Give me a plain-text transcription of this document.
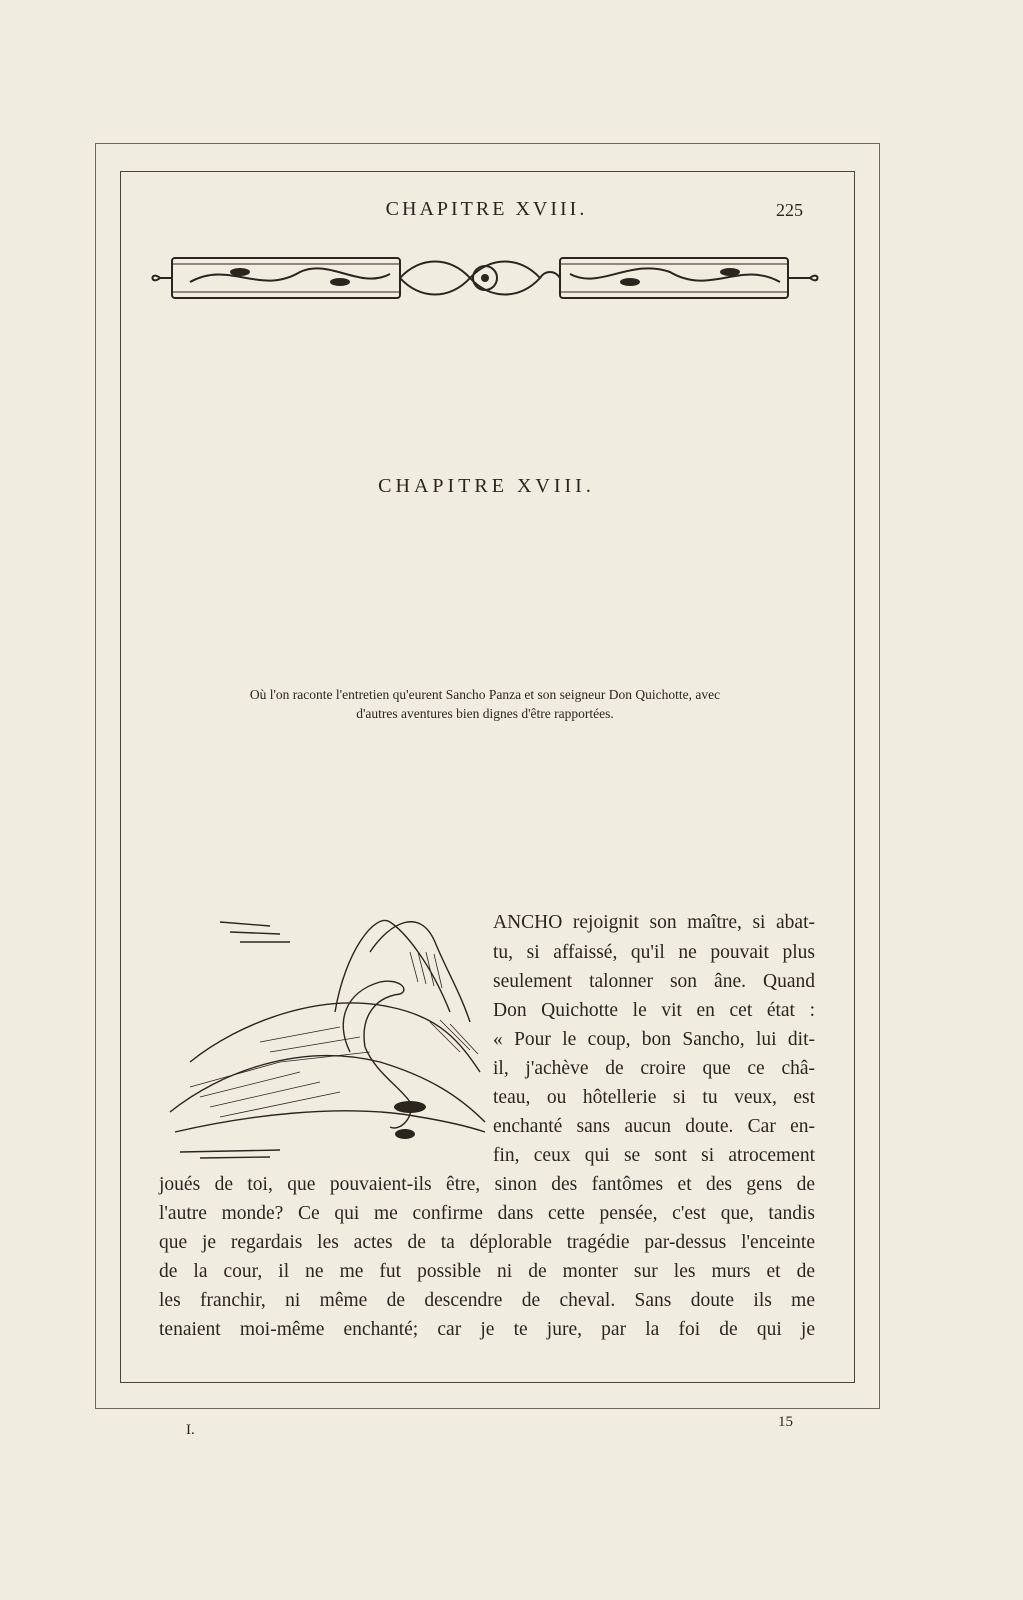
CHAPITRE XVIII.	225
CHAPITRE XVIII.
Où l'on raconte l'entretien qu'eurent Sancho Panza et son seigneur Don Quichotte, avec
d'autres aventures bien dignes d'être rapportées.
ANCHO rejoignit son maître, si abat-
tu, si affaissé, qu'il ne pouvait plus
seulement talonner son âne. Quand
Don Quichotte le vit en cet état :
« Pour le coup, bon Sancho, lui dit-
il, j'achève de croire que ce châ-
teau, ou hôtellerie si tu veux, est
enchanté sans aucun doute. Car en-
fin, ceux qui se sont si atrocement
joués de toi, que pouvaient-ils être, sinon des fantômes et des gens de
l'autre monde? Ce qui me confirme dans cette pensée, c'est que, tandis
que je regardais les actes de ta déplorable tragédie par-dessus l'enceinte
de la cour, il ne me fut possible ni de monter sur les murs et de
les franchir, ni même de descendre de cheval. Sans doute ils me
tenaient moi-même enchanté; car je te jure, par la foi de qui je
I.	15
